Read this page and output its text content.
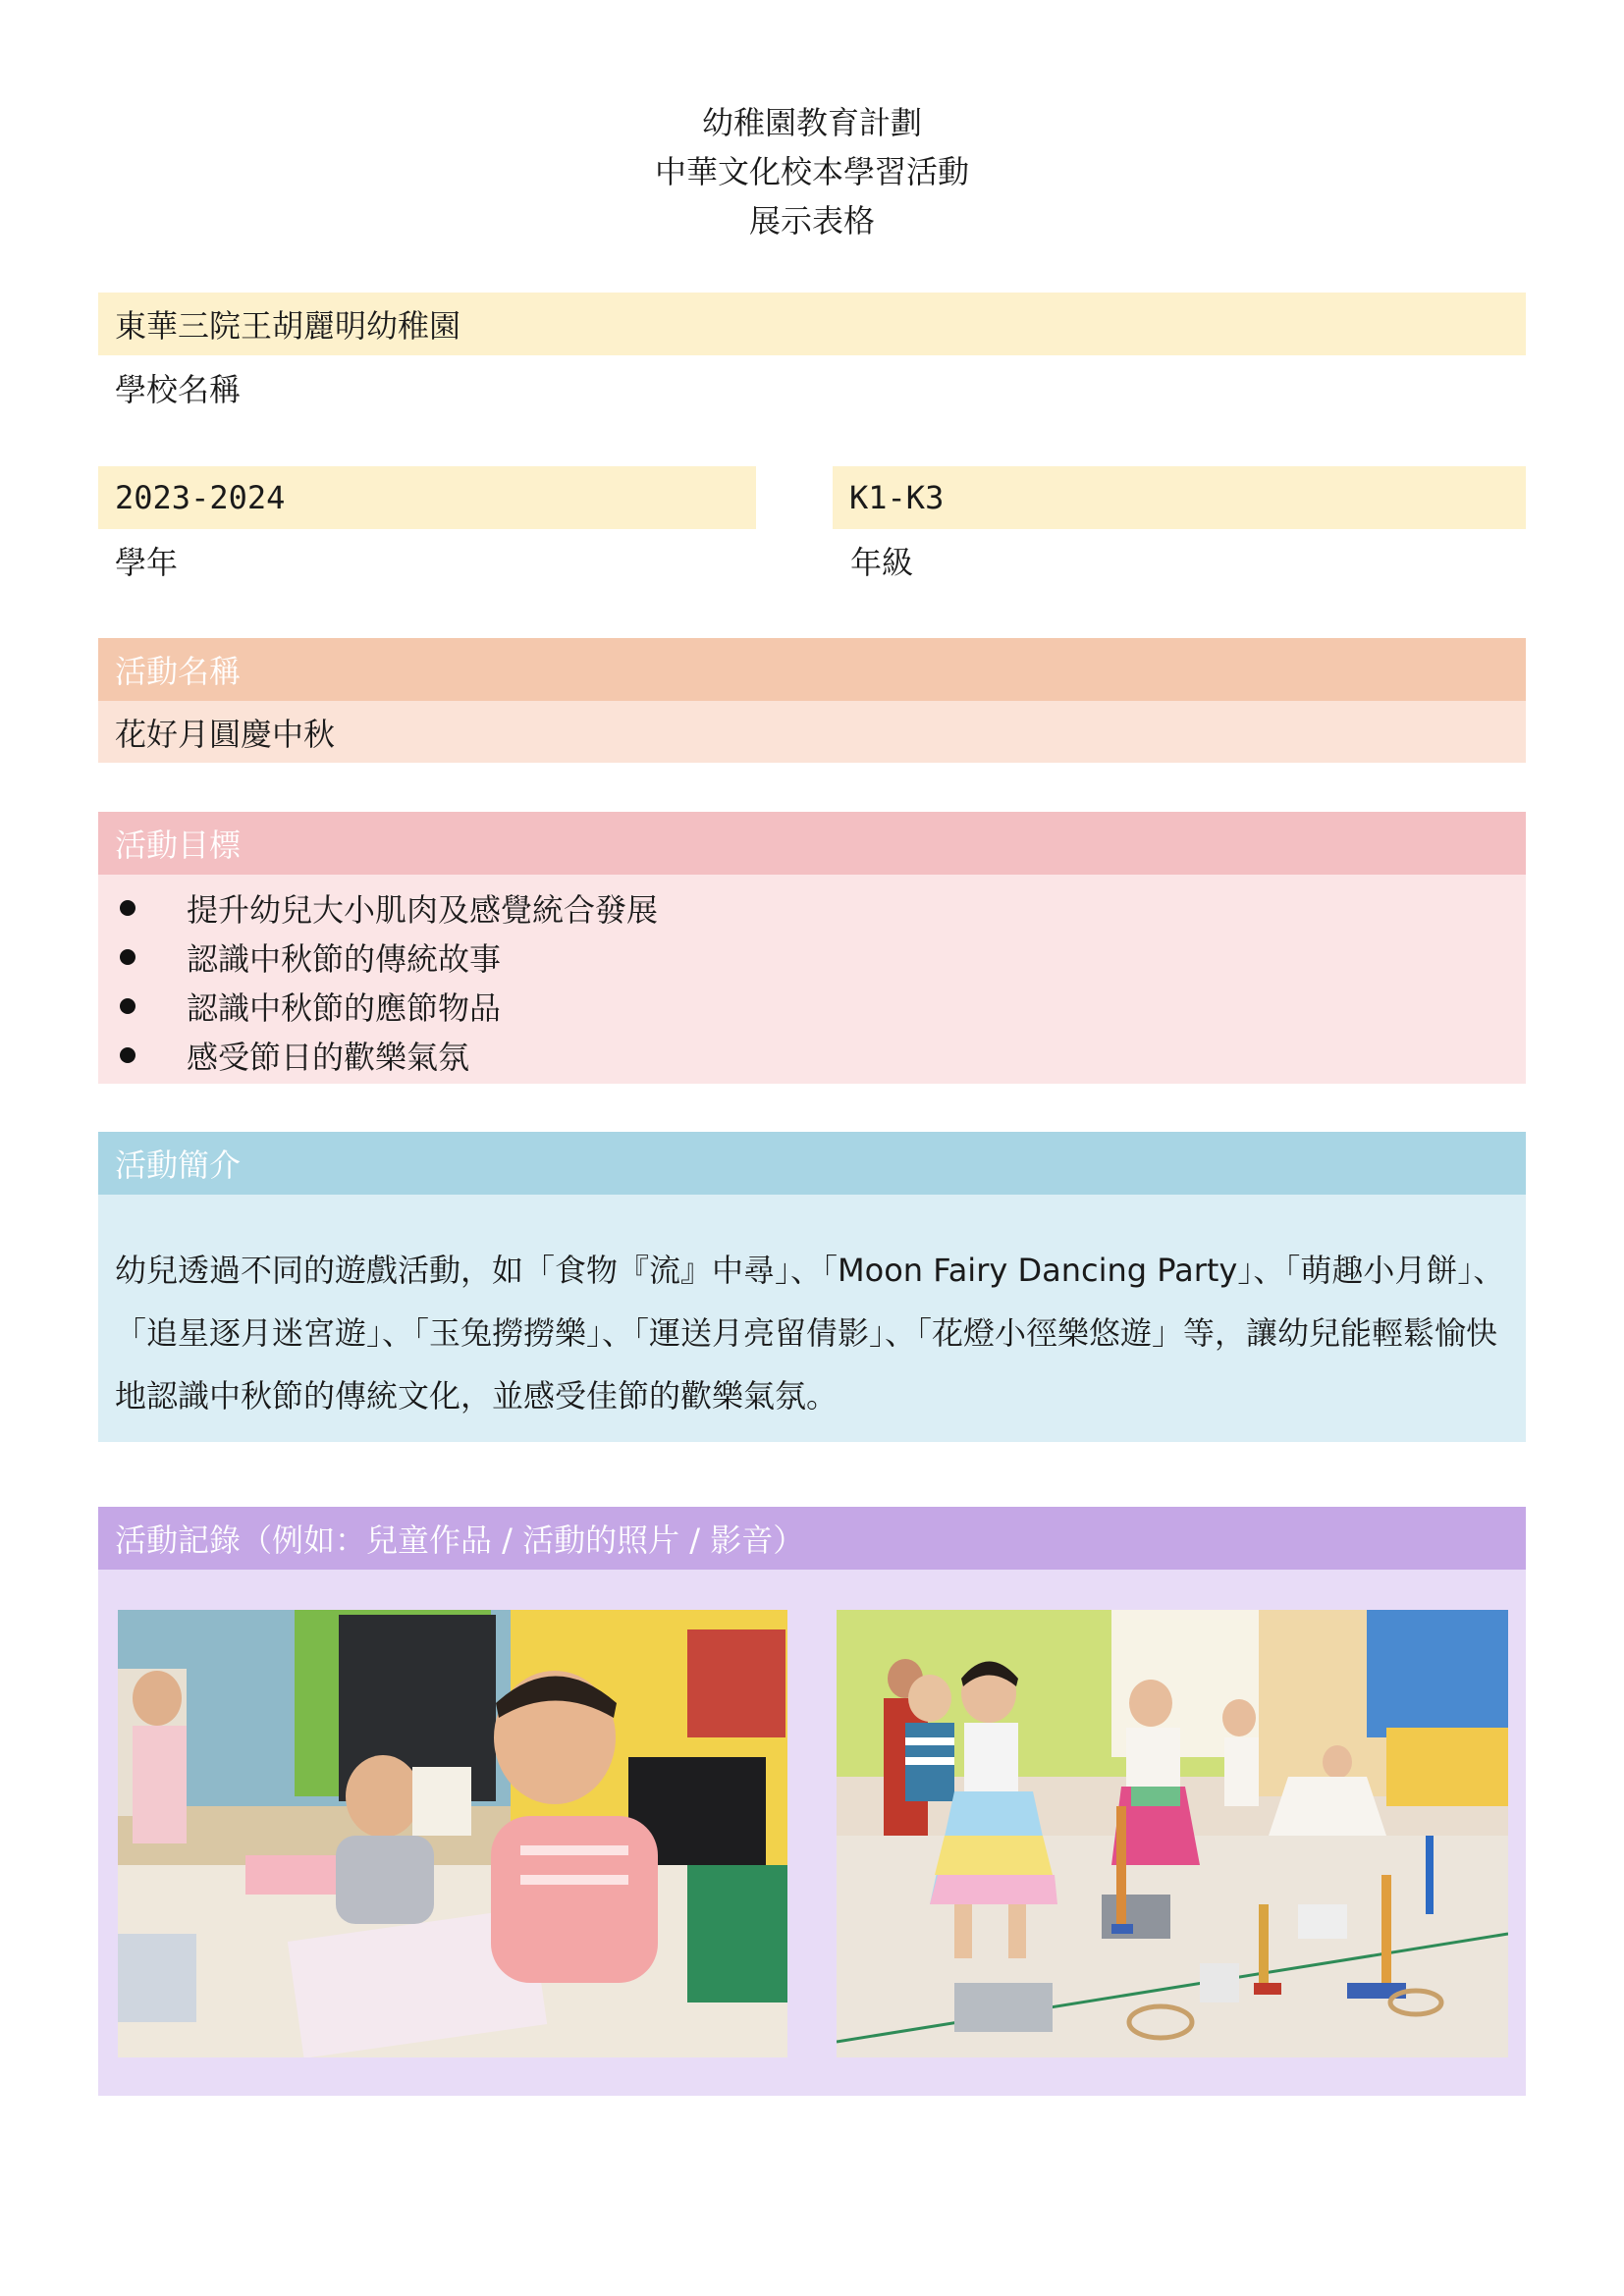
幼稚園教育計劃
中華文化校本學習活動
展示表格
東華三院王胡麗明幼稚園
學校名稱
2023-2024
學年
K1-K3
年級
活動名稱
花好月圓慶中秋
活動目標
提升幼兒大小肌肉及感覺統合發展
認識中秋節的傳統故事
認識中秋節的應節物品
感受節日的歡樂氣氛
活動簡介
幼兒透過不同的遊戲活動，如「食物『流』中尋」、「Moon Fairy Dancing Party」、「萌趣小月餅」、「追星逐月迷宮遊」、「玉兔撈撈樂」、「運送月亮留倩影」、「花燈小徑樂悠遊」等，讓幼兒能輕鬆愉快地認識中秋節的傳統文化，並感受佳節的歡樂氣氛。
活動記錄（例如：兒童作品 / 活動的照片 / 影音）
